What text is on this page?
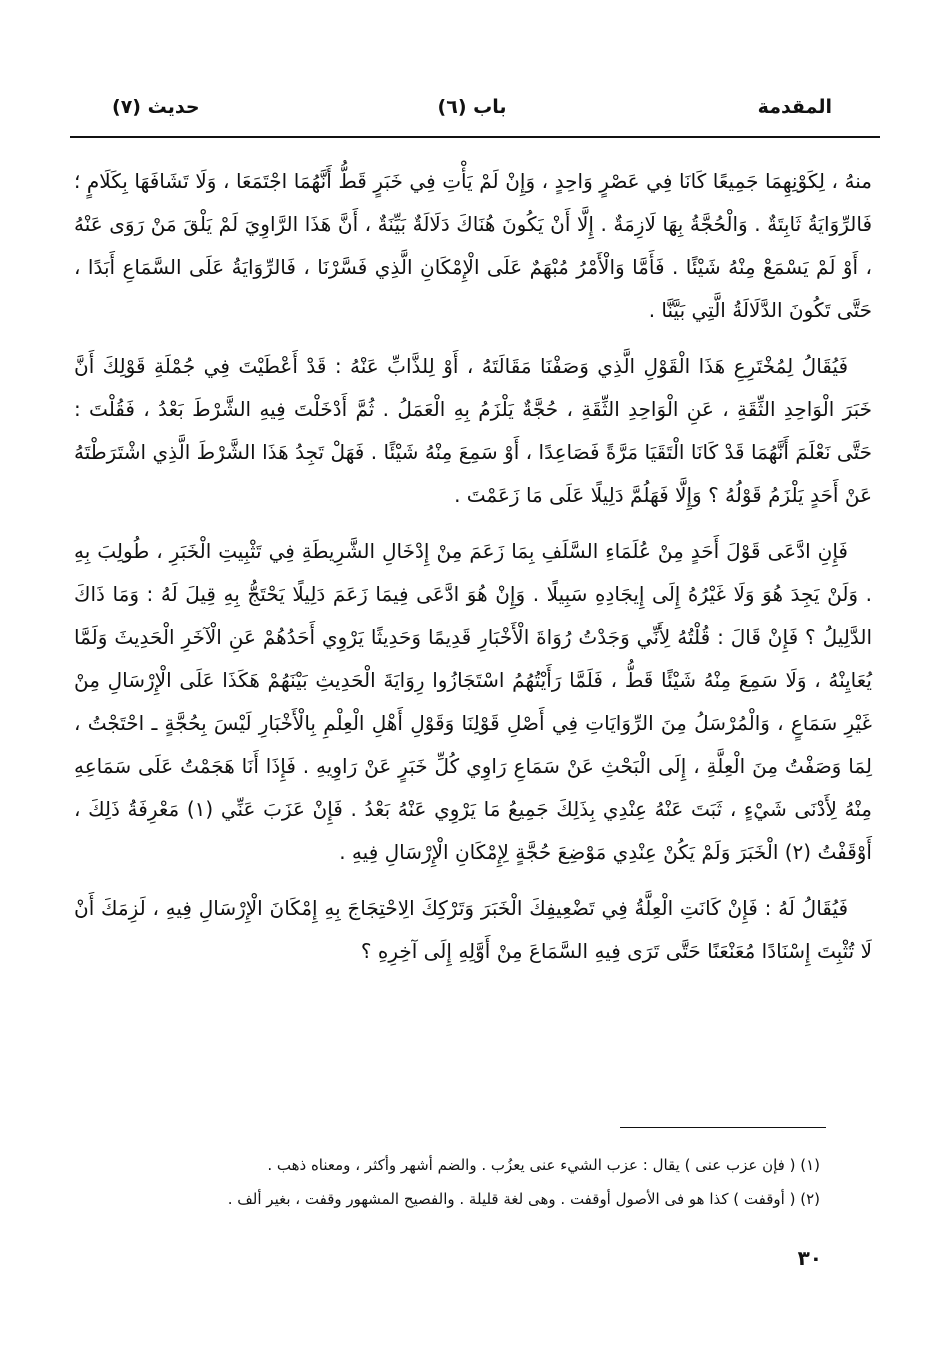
المقدمة
باب (٦)
حديث (٧)

منهُ ، لِكَوْنِهِمَا جَمِيعًا كَانَا فِي عَصْرٍ وَاحِدٍ ، وَإِنْ لَمْ يَأْتِ فِي خَبَرٍ قَطُّ أَنَّهُمَا اجْتَمَعَا ، وَلَا تَشَافَهَا بِكَلَامٍ ؛ فَالرِّوَايَةُ ثَابِتَةٌ . وَالْحُجَّةُ بِهَا لَازِمَةٌ . إِلَّا أَنْ يَكُونَ هُنَاكَ دَلَالَةٌ بَيِّنَةٌ ، أَنَّ هَذَا الرَّاوِيَ لَمْ يَلْقَ مَنْ رَوَى عَنْهُ ، أَوْ لَمْ يَسْمَعْ مِنْهُ شَيْئًا . فَأَمَّا وَالْأَمْرُ مُبْهَمٌ عَلَى الْإِمْكَانِ الَّذِي فَسَّرْنَا ، فَالرِّوَايَةُ عَلَى السَّمَاعِ أَبَدًا ، حَتَّى تَكُونَ الدَّلَالَةُ الَّتِي بَيَّنَّا .

فَيُقَالُ لِمُخْتَرِعِ هَذَا الْقَوْلِ الَّذِي وَصَفْنَا مَقَالَتَهُ ، أَوْ لِلذَّابِّ عَنْهُ : قَدْ أَعْطَيْتَ فِي جُمْلَةِ قَوْلِكَ أَنَّ خَبَرَ الْوَاحِدِ الثِّقَةِ ، عَنِ الْوَاحِدِ الثِّقَةِ ، حُجَّةٌ يَلْزَمُ بِهِ الْعَمَلُ . ثُمَّ أَدْخَلْتَ فِيهِ الشَّرْطَ بَعْدُ ، فَقُلْتَ : حَتَّى نَعْلَمَ أَنَّهُمَا قَدْ كَانَا الْتَقَيَا مَرَّةً فَصَاعِدًا ، أَوْ سَمِعَ مِنْهُ شَيْئًا . فَهَلْ تَجِدُ هَذَا الشَّرْطَ الَّذِي اشْتَرَطْتَهُ عَنْ أَحَدٍ يَلْزَمُ قَوْلُهُ ؟ وَإِلَّا فَهَلُمَّ دَلِيلًا عَلَى مَا زَعَمْتَ .

فَإِنِ ادَّعَى قَوْلَ أَحَدٍ مِنْ عُلَمَاءِ السَّلَفِ بِمَا زَعَمَ مِنْ إِدْخَالِ الشَّرِيطَةِ فِي تَثْبِيتِ الْخَبَرِ ، طُولِبَ بِهِ . وَلَنْ يَجِدَ هُوَ وَلَا غَيْرُهُ إِلَى إِيجَادِهِ سَبِيلًا . وَإِنْ هُوَ ادَّعَى فِيمَا زَعَمَ دَلِيلًا يَحْتَجُّ بِهِ قِيلَ لَهُ : وَمَا ذَاكَ الدَّلِيلُ ؟ فَإِنْ قَالَ : قُلْتُهُ لِأَنِّي وَجَدْتُ رُوَاةَ الْأَخْبَارِ قَدِيمًا وَحَدِيثًا يَرْوِي أَحَدُهُمْ عَنِ الْآخَرِ الْحَدِيثَ وَلَمَّا يُعَايِنْهُ ، وَلَا سَمِعَ مِنْهُ شَيْئًا قَطُّ ، فَلَمَّا رَأَيْتُهُمُ اسْتَجَازُوا رِوَايَةَ الْحَدِيثِ بَيْنَهُمْ هَكَذَا عَلَى الْإِرْسَالِ مِنْ غَيْرِ سَمَاعٍ ، وَالْمُرْسَلُ مِنَ الرِّوَايَاتِ فِي أَصْلِ قَوْلِنَا وَقَوْلِ أَهْلِ الْعِلْمِ بِالْأَخْبَارِ لَيْسَ بِحُجَّةٍ ـ احْتَجْتُ ، لِمَا وَصَفْتُ مِنَ الْعِلَّةِ ، إِلَى الْبَحْثِ عَنْ سَمَاعِ رَاوِي كُلِّ خَبَرٍ عَنْ رَاوِيهِ . فَإِذَا أَنَا هَجَمْتُ عَلَى سَمَاعِهِ مِنْهُ لِأَدْنَى شَيْءٍ ، ثَبَتَ عَنْهُ عِنْدِي بِذَلِكَ جَمِيعُ مَا يَرْوِي عَنْهُ بَعْدُ . فَإِنْ عَزَبَ عَنِّي (١) مَعْرِفَةُ ذَلِكَ ، أَوْقَفْتُ (٢) الْخَبَرَ وَلَمْ يَكُنْ عِنْدِي مَوْضِعَ حُجَّةٍ لِإِمْكَانِ الْإِرْسَالِ فِيهِ .

فَيُقَالُ لَهُ : فَإِنْ كَانَتِ الْعِلَّةُ فِي تَضْعِيفِكَ الْخَبَرَ وَتَرْكِكَ الِاحْتِجَاجَ بِهِ إِمْكَانَ الْإِرْسَالِ فِيهِ ، لَزِمَكَ أَنْ لَا تُثْبِتَ إِسْنَادًا مُعَنْعَنًا حَتَّى تَرَى فِيهِ السَّمَاعَ مِنْ أَوَّلِهِ إِلَى آخِرِهِ ؟

(١) ( فإن عزب عنى ) يقال : عزب الشيء عنى يعزُب . والضم أشهر وأكثر ، ومعناه ذهب .
(٢) ( أوقفت ) كذا هو فى الأصول أوقفت . وهى لغة قليلة . والفصيح المشهور وقفت ، بغير ألف .
٣٠
